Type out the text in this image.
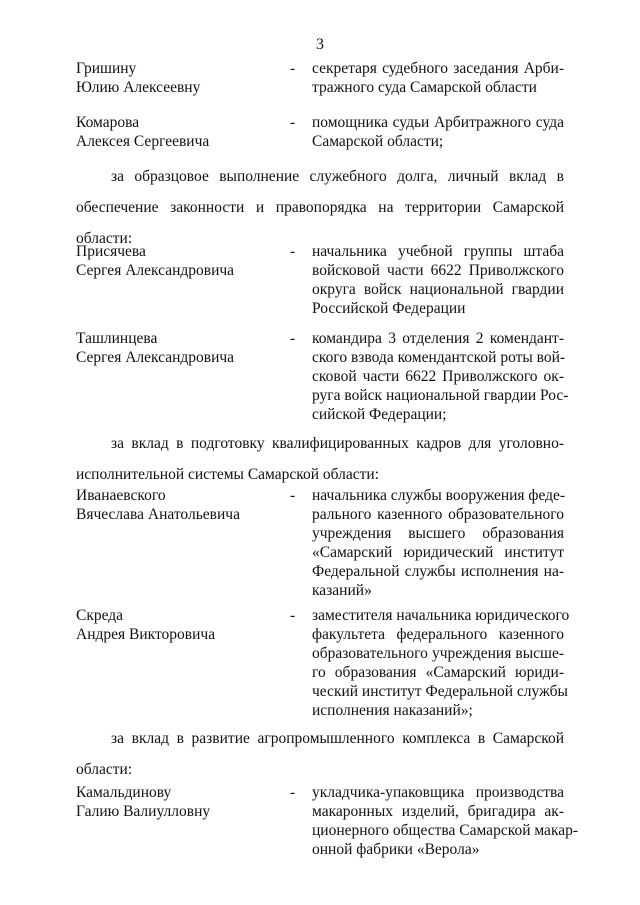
3
Гришину
Юлию Алексеевну
- секретаря судебного заседания Арби-
тражного суда Самарской области
Комарова
Алексея Сергеевича
- помощника судьи Арбитражного суда
Самарской области;
за образцовое выполнение служебного долга, личный вклад в
обеспечение законности и правопорядка на территории Самарской
области:
Присячева
Сергея Александровича
- начальника учебной группы штаба
войсковой части 6622 Приволжского
округа войск национальной гвардии
Российской Федерации
Ташлинцева
Сергея Александровича
- командира 3 отделения 2 комендант-
ского взвода комендантской роты вой-
сковой части 6622 Приволжского ок-
руга войск национальной гвардии Рос-
сийской Федерации;
за вклад в подготовку квалифицированных кадров для уголовно-
исполнительной системы Самарской области:
Иванаевского
Вячеслава Анатольевича
- начальника службы вооружения феде-
рального казенного образовательного
учреждения высшего образования
«Самарский юридический институт
Федеральной службы исполнения на-
казаний»
Скреда
Андрея Викторовича
- заместителя начальника юридического
факультета федерального казенного
образовательного учреждения высше-
го образования «Самарский юриди-
ческий институт Федеральной службы
исполнения наказаний»;
за вклад в развитие агропромышленного комплекса в Самарской
области:
Камальдинову
Галию Валиулловну
- укладчика-упаковщика производства
макаронных изделий, бригадира ак-
ционерного общества Самарской макар-
онной фабрики «Верола»
